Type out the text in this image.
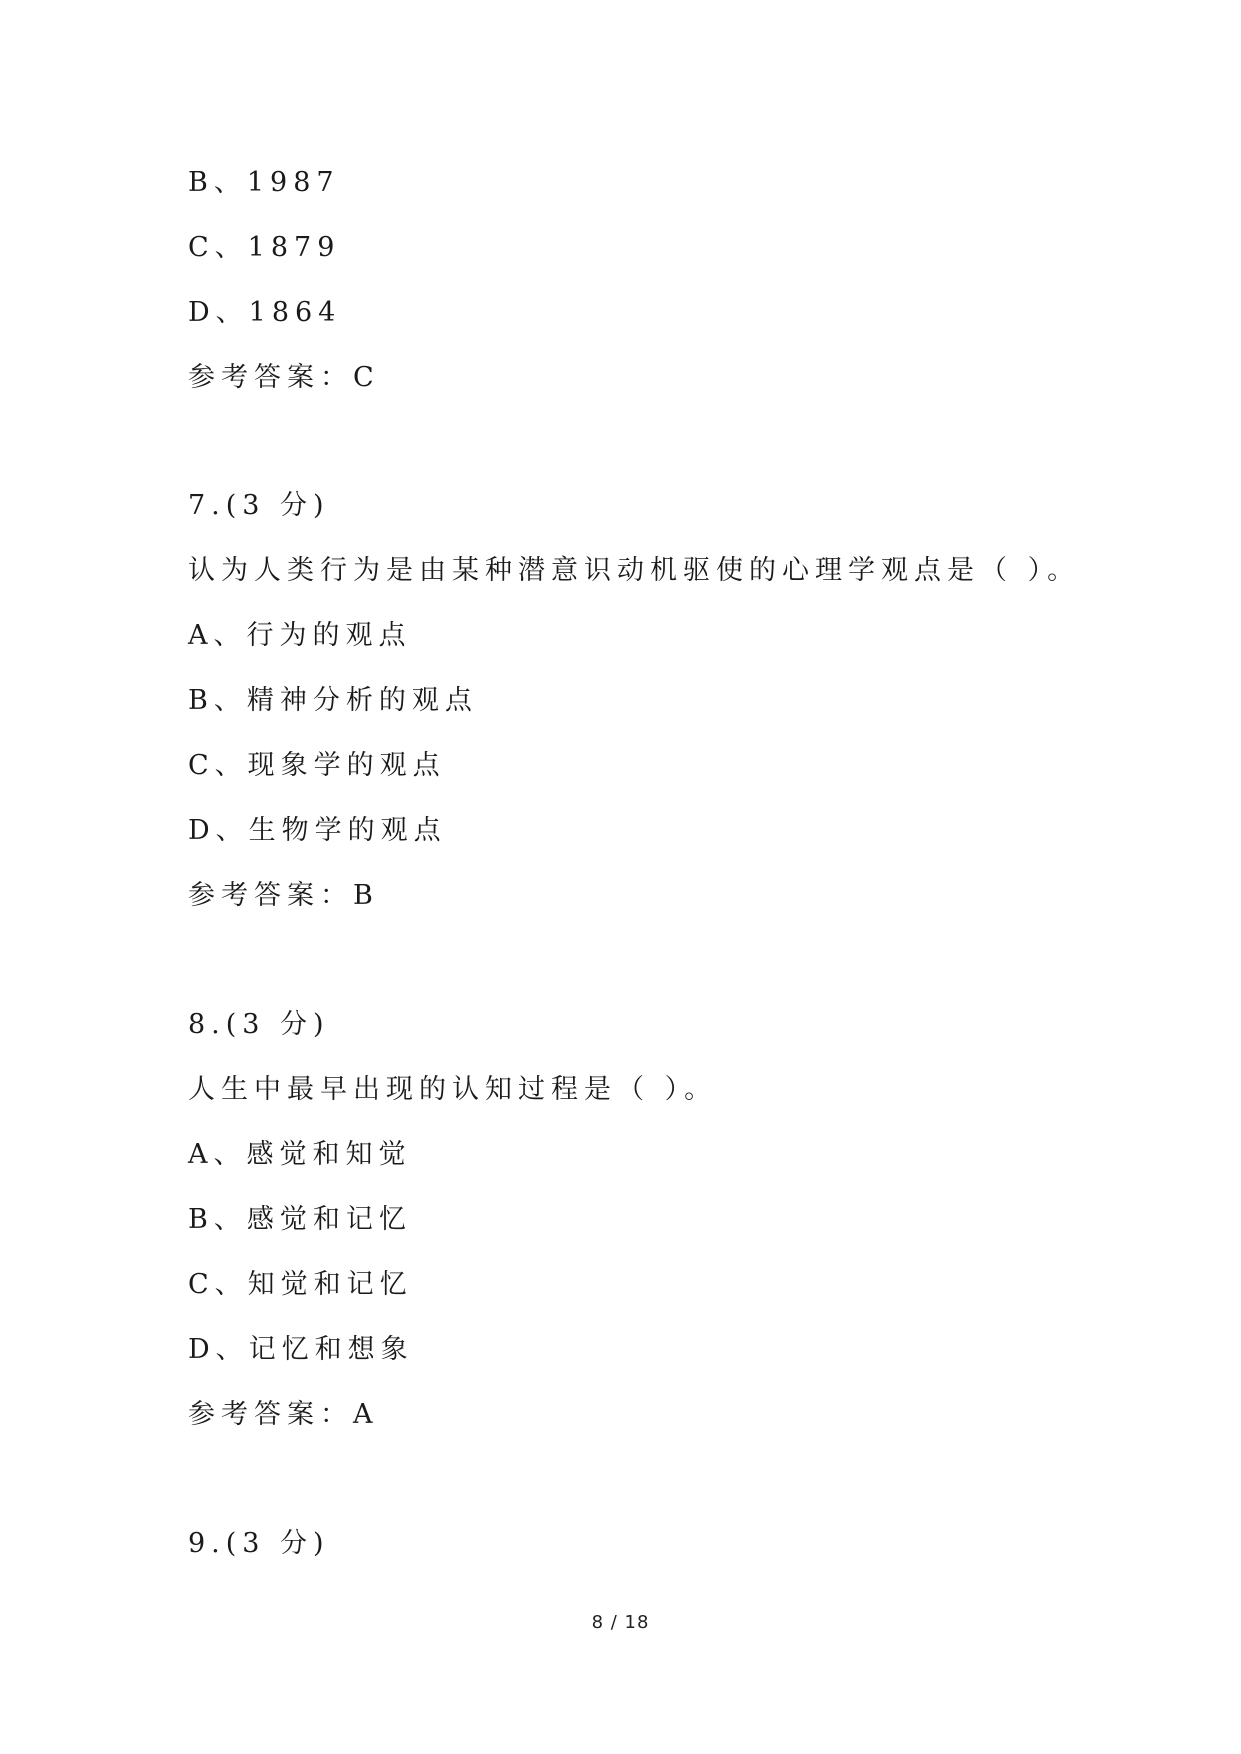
B、1987
C、1879
D、1864
参考答案：C
7.(3 分)
认为人类行为是由某种潜意识动机驱使的心理学观点是（ ）。
A、行为的观点
B、精神分析的观点
C、现象学的观点
D、生物学的观点
参考答案：B
8.(3 分)
人生中最早出现的认知过程是（ ）。
A、感觉和知觉
B、感觉和记忆
C、知觉和记忆
D、记忆和想象
参考答案：A
9.(3 分)
8 / 18
